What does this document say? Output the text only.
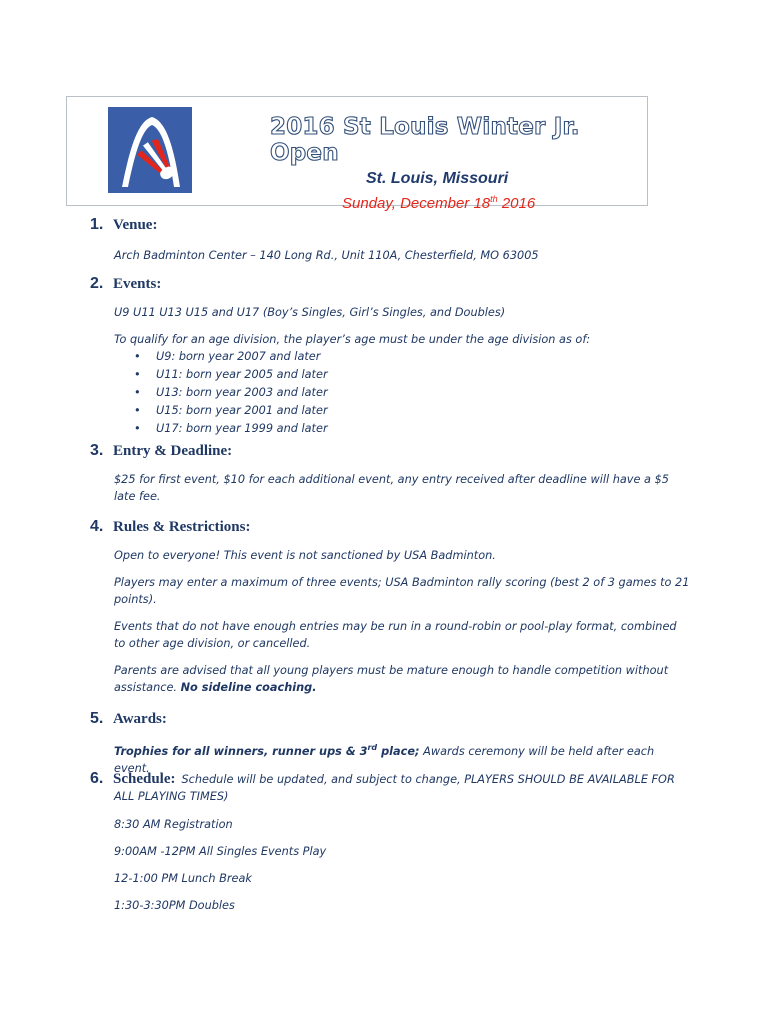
2016 St Louis Winter Jr. Open
St. Louis, Missouri
Sunday, December 18th 2016
1. Venue:

Arch Badminton Center – 140 Long Rd., Unit 110A, Chesterfield, MO 63005

2. Events:

U9 U11 U13 U15 and U17 (Boy’s Singles, Girl’s Singles, and Doubles)

To qualify for an age division, the player’s age must be under the age division as of:

• U9: born year 2007 and later
• U11: born year 2005 and later
• U13: born year 2003 and later
• U15: born year 2001 and later
• U17: born year 1999 and later
3. Entry & Deadline:

$25 for first event, $10 for each additional event, any entry received after deadline will have a $5 late fee.

4. Rules & Restrictions:

Open to everyone! This event is not sanctioned by USA Badminton.

Players may enter a maximum of three events; USA Badminton rally scoring (best 2 of 3 games to 21 points).

Events that do not have enough entries may be run in a round-robin or pool-play format, combined to other age division, or cancelled.

Parents are advised that all young players must be mature enough to handle competition without assistance. No sideline coaching.

5. Awards:

Trophies for all winners, runner ups & 3rd place; Awards ceremony will be held after each event.

6. Schedule: Schedule will be updated, and subject to change, PLAYERS SHOULD BE AVAILABLE FOR ALL PLAYING TIMES)

8:30 AM Registration

9:00AM -12PM All Singles Events Play

12-1:00 PM Lunch Break

1:30-3:30PM Doubles
